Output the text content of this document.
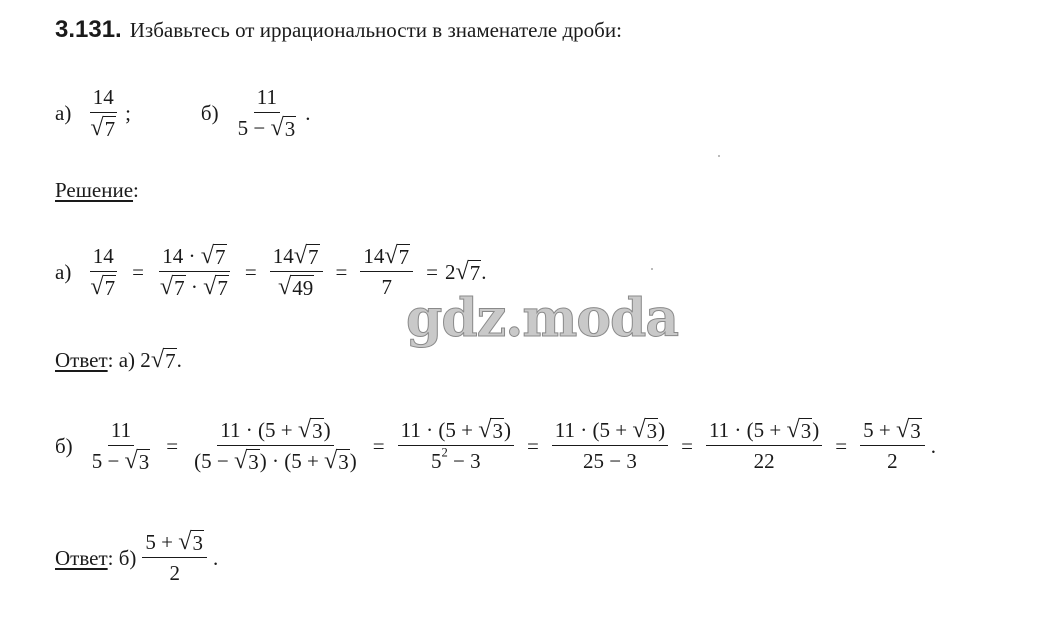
3.131. Избавьтесь от иррациональности в знаменателе дроби:
$а) \frac{14}{√ 7}$ ;	$б) \frac{11}{5 - √ 3}$ .
Решение :
$а) \frac{14}{√ 7} = \frac{14 \cdot √ 7}{√ 7 \cdot √ 7} = \frac{14 √ 7}{√ 49} = \frac{14 √ 7}{7} = 2$ √ 7 .
gdz.moda
Ответ :
а) 2 √ 7 .
$б) \frac{11}{5 - √ 3} = \frac{11 \cdot (5 + √ 3 )}{(5 - √ 3 ) \cdot (5 + √ 3 )} = \frac{11 \cdot (5 + √ 3 )}{5^2 - 3} = \frac{11 \cdot (5 + √ 3 )}{25 - 3} = \frac{11 \cdot (5 + √ 3 )}{22} = \frac{5 + √ 3}{2}$ .
Ответ :
$б) \frac{5 + √ 3}{2}$ .
